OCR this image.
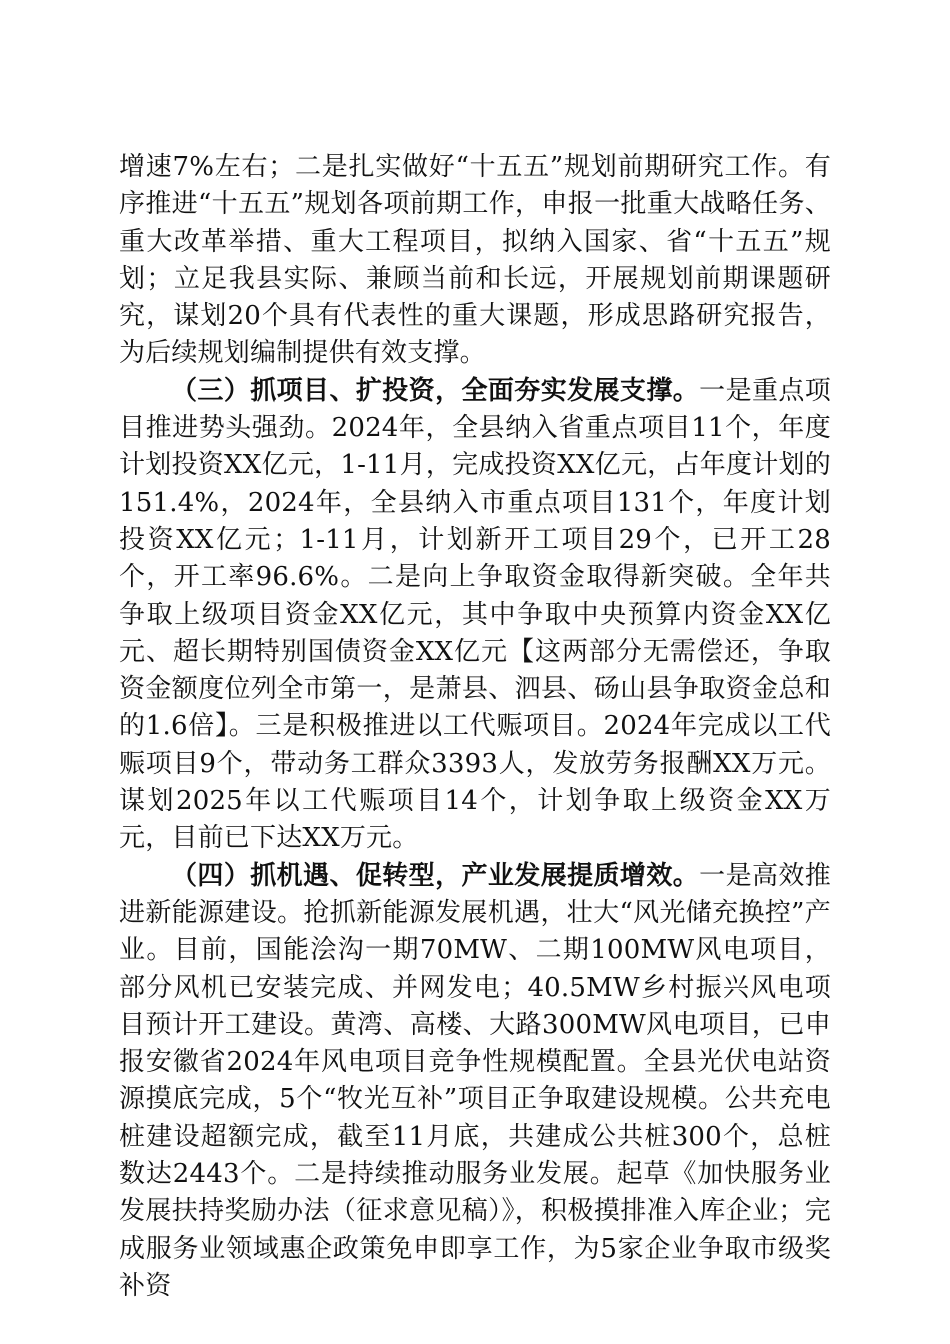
增速7%左右；二是扎实做好“十五五”规划前期研究工作。有序推进“十五五”规划各项前期工作，申报一批重大战略任务、重大改革举措、重大工程项目，拟纳入国家、省“十五五”规划；立足我县实际、兼顾当前和长远，开展规划前期课题研究，谋划20个具有代表性的重大课题，形成思路研究报告，为后续规划编制提供有效支撑。

（三）抓项目、扩投资，全面夯实发展支撑。一是重点项目推进势头强劲。2024年，全县纳入省重点项目11个，年度计划投资XX亿元，1-11月，完成投资XX亿元，占年度计划的151.4%，2024年，全县纳入市重点项目131个，年度计划投资XX亿元；1-11月，计划新开工项目29个，已开工28个，开工率96.6%。二是向上争取资金取得新突破。全年共争取上级项目资金XX亿元，其中争取中央预算内资金XX亿元、超长期特别国债资金XX亿元【这两部分无需偿还，争取资金额度位列全市第一，是萧县、泗县、砀山县争取资金总和的1.6倍】。三是积极推进以工代赈项目。2024年完成以工代赈项目9个，带动务工群众3393人，发放劳务报酬XX万元。谋划2025年以工代赈项目14个，计划争取上级资金XX万元，目前已下达XX万元。

（四）抓机遇、促转型，产业发展提质增效。一是高效推进新能源建设。抢抓新能源发展机遇，壮大“风光储充换控”产业。目前，国能浍沟一期70MW、二期100MW风电项目，部分风机已安装完成、并网发电；40.5MW乡村振兴风电项目预计开工建设。黄湾、高楼、大路300MW风电项目，已申报安徽省2024年风电项目竞争性规模配置。全县光伏电站资源摸底完成，5个“牧光互补”项目正争取建设规模。公共充电桩建设超额完成，截至11月底，共建成公共桩300个，总桩数达2443个。二是持续推动服务业发展。起草《加快服务业发展扶持奖励办法（征求意见稿）》，积极摸排准入库企业；完成服务业领域惠企政策免申即享工作，为5家企业争取市级奖补资
